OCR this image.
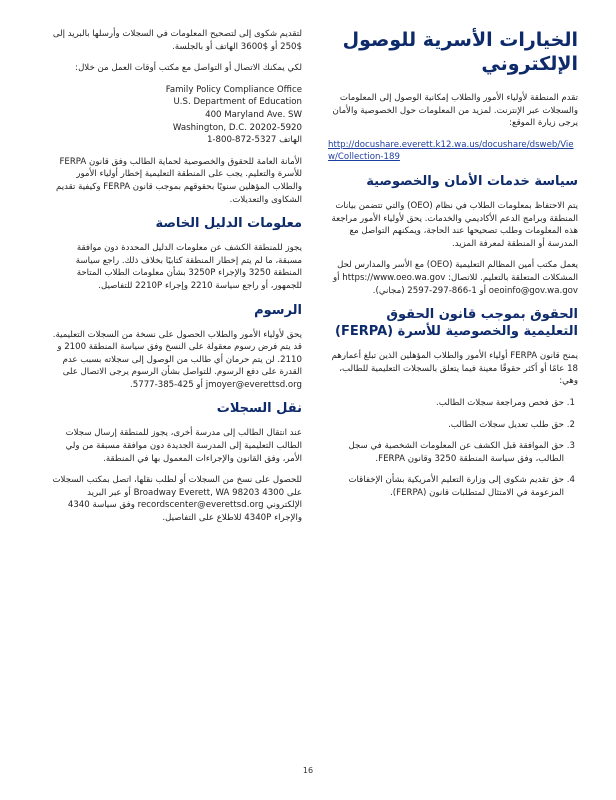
لتقديم شكوى إلى لتصحيح المعلومات في السجلات وأرسلها بالبريد إلى $250 أو $3600 الهاتف أو بالجلسة.

لكي يمكنك الاتصال أو التواصل مع مكتب أوقات العمل من خلال:

Family Policy Compliance Office
U.S. Department of Education
400 Maryland Ave. SW
Washington, D.C. 20202-5920
1-800-872-5327 الهاتف

الأمانة العامة للحقوق والخصوصية لحماية الطالب وفق قانون FERPA للأسرة والتعليم. يجب على المنطقة التعليمية إخطار أولياء الأمور والطلاب المؤهلين سنويًا بحقوقهم بموجب قانون FERPA وكيفية تقديم الشكاوى والتعديلات.

معلومات الدليل الخاصة

يجوز للمنطقة الكشف عن معلومات الدليل المحددة دون موافقة مسبقة، ما لم يتم إخطار المنطقة كتابيًا بخلاف ذلك. راجع سياسة المنطقة 3250 والإجراء 3250P بشأن معلومات الطلاب المتاحة للجمهور، أو راجع سياسة 2210 وإجراء 2210P للتفاصيل.

الرسوم

يحق لأولياء الأمور والطلاب الحصول على نسخة من السجلات التعليمية. قد يتم فرض رسوم معقولة على النسخ وفق سياسة المنطقة 2100 و 2110. لن يتم حرمان أي طالب من الوصول إلى سجلاته بسبب عدم القدرة على دفع الرسوم. للتواصل بشأن الرسوم يرجى الاتصال على jmoyer@everettsd.org أو 425-385-5777.

نقل السجلات

عند انتقال الطالب إلى مدرسة أخرى، يجوز للمنطقة إرسال سجلات الطالب التعليمية إلى المدرسة الجديدة دون موافقة مسبقة من ولي الأمر، وفق القانون والإجراءات المعمول بها في المنطقة.

للحصول على نسخ من السجلات أو لطلب نقلها، اتصل بمكتب السجلات على 4300 Broadway Everett, WA 98203 أو عبر البريد الإلكتروني recordscenter@everettsd.org وفق سياسة 4340 والإجراء 4340P للاطلاع على التفاصيل.

الخيارات الأسرية للوصول الإلكتروني

تقدم المنطقة لأولياء الأمور والطلاب إمكانية الوصول إلى المعلومات والسجلات عبر الإنترنت. لمزيد من المعلومات حول الخصوصية والأمان يرجى زيارة الموقع:

http://docushare.everett.k12.wa.us/docushare/dsweb/View/Collection-189

سياسة خدمات الأمان والخصوصية

يتم الاحتفاظ بمعلومات الطلاب في نظام (OEO) والتي تتضمن بيانات المنطقة وبرامج الدعم الأكاديمي والخدمات. يحق لأولياء الأمور مراجعة هذه المعلومات وطلب تصحيحها عند الحاجة، ويمكنهم التواصل مع المدرسة أو المنطقة لمعرفة المزيد.

يعمل مكتب أمين المظالم التعليمية (OEO) مع الأسر والمدارس لحل المشكلات المتعلقة بالتعليم. للاتصال: https://www.oeo.wa.gov أو oeoinfo@gov.wa.gov أو 1-866-297-2597 (مجاني).

الحقوق بموجب قانون الحقوق التعليمية والخصوصية للأسرة (FERPA)

يمنح قانون FERPA أولياء الأمور والطلاب المؤهلين الذين تبلغ أعمارهم 18 عامًا أو أكثر حقوقًا معينة فيما يتعلق بالسجلات التعليمية للطالب، وهي:

1. حق فحص ومراجعة سجلات الطالب.
2. حق طلب تعديل سجلات الطالب.
3. حق الموافقة قبل الكشف عن المعلومات الشخصية في سجل الطالب، وفق سياسة المنطقة 3250 وقانون FERPA.
4. حق تقديم شكوى إلى وزارة التعليم الأمريكية بشأن الإخفاقات المزعومة في الامتثال لمتطلبات قانون (FERPA).
16
